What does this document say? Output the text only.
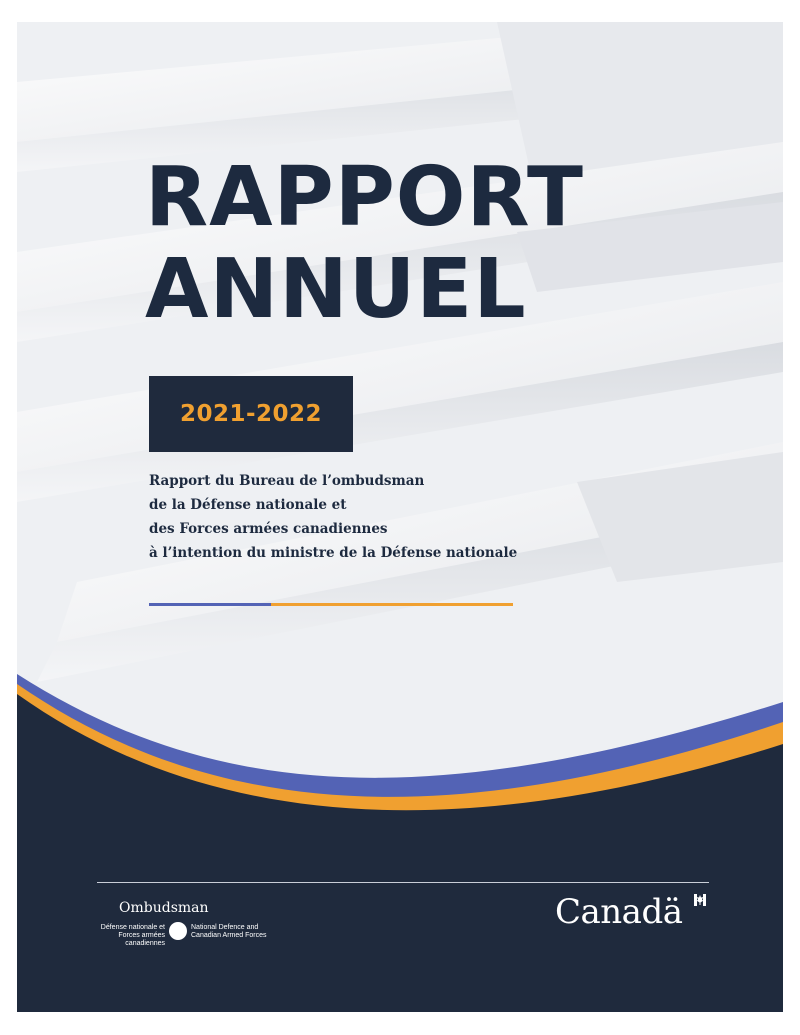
RAPPORT
ANNUEL
2021-2022
Rapport du Bureau de l’ombudsman
de la Défense nationale et
des Forces armées canadiennes
à l’intention du ministre de la Défense nationale
Ombudsman
Défense nationale et
Forces armées canadiennes
National Defence and
Canadian Armed Forces
Canadä
